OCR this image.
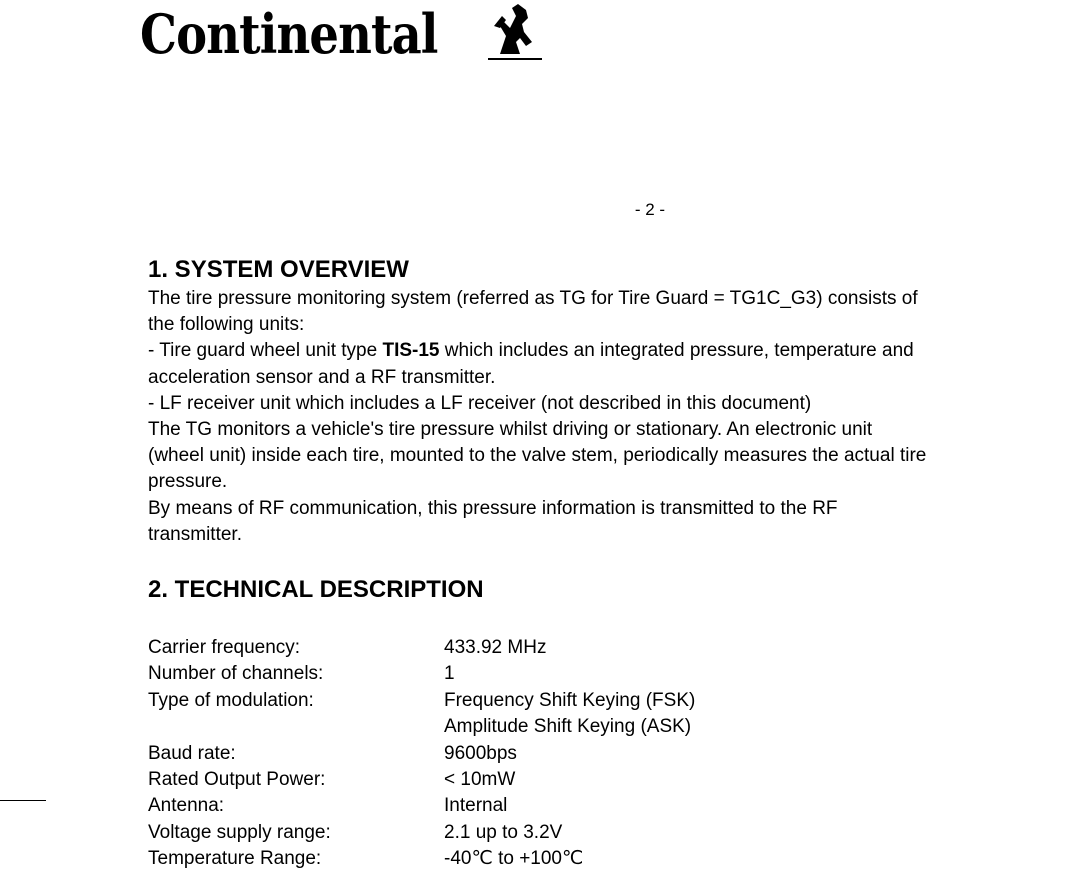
Continental
- 2 -
1. SYSTEM OVERVIEW
The tire pressure monitoring system (referred as TG for Tire Guard = TG1C_G3) consists of
the following units:
- Tire guard wheel unit type TIS-15 which includes an integrated pressure, temperature and
acceleration sensor and a RF transmitter.
- LF receiver unit which includes a LF receiver (not described in this document)
The TG monitors a vehicle's tire pressure whilst driving or stationary. An electronic unit
(wheel unit) inside each tire, mounted to the valve stem, periodically measures the actual tire
pressure.
By means of RF communication, this pressure information is transmitted to the RF
transmitter.
2. TECHNICAL DESCRIPTION
Carrier frequency:	433.92 MHz
Number of channels:	1
Type of modulation:	Frequency Shift Keying (FSK)
Amplitude Shift Keying (ASK)
Baud rate:	9600bps
Rated Output Power:	< 10mW
Antenna:	Internal
Voltage supply range:	2.1 up to 3.2V
Temperature Range:	-40℃ to +100℃
